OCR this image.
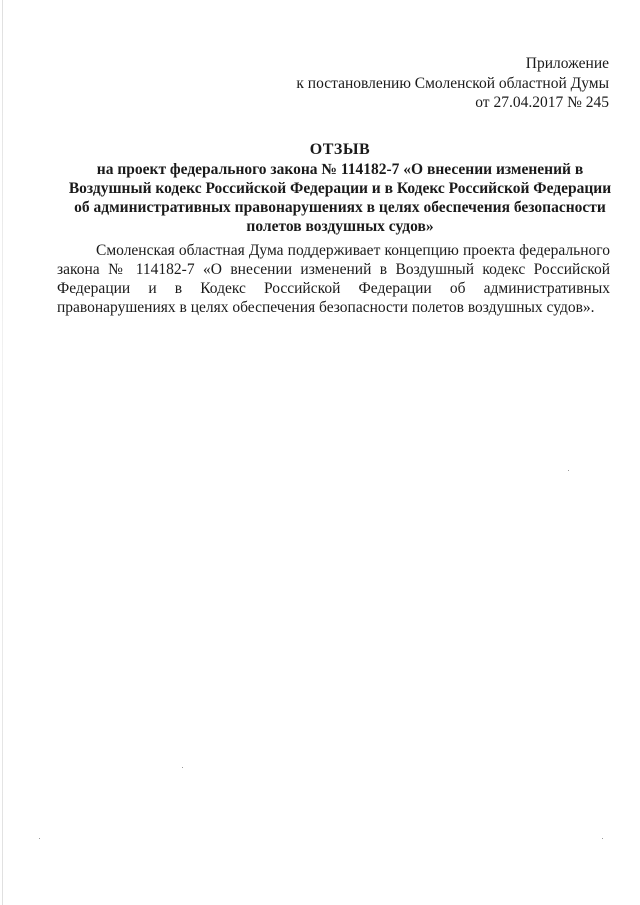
Приложение
к постановлению Смоленской областной Думы
от 27.04.2017 № 245
ОТЗЫВ
на проект федерального закона № 114182-7 «О внесении изменений в
Воздушный кодекс Российской Федерации и в Кодекс Российской Федерации
об административных правонарушениях в целях обеспечения безопасности
полетов воздушных судов»
Смоленская областная Дума поддерживает концепцию проекта федерального
закона № 114182-7 «О внесении изменений в Воздушный кодекс Российской
Федерации и в Кодекс Российской Федерации об административных
правонарушениях в целях обеспечения безопасности полетов воздушных судов».
